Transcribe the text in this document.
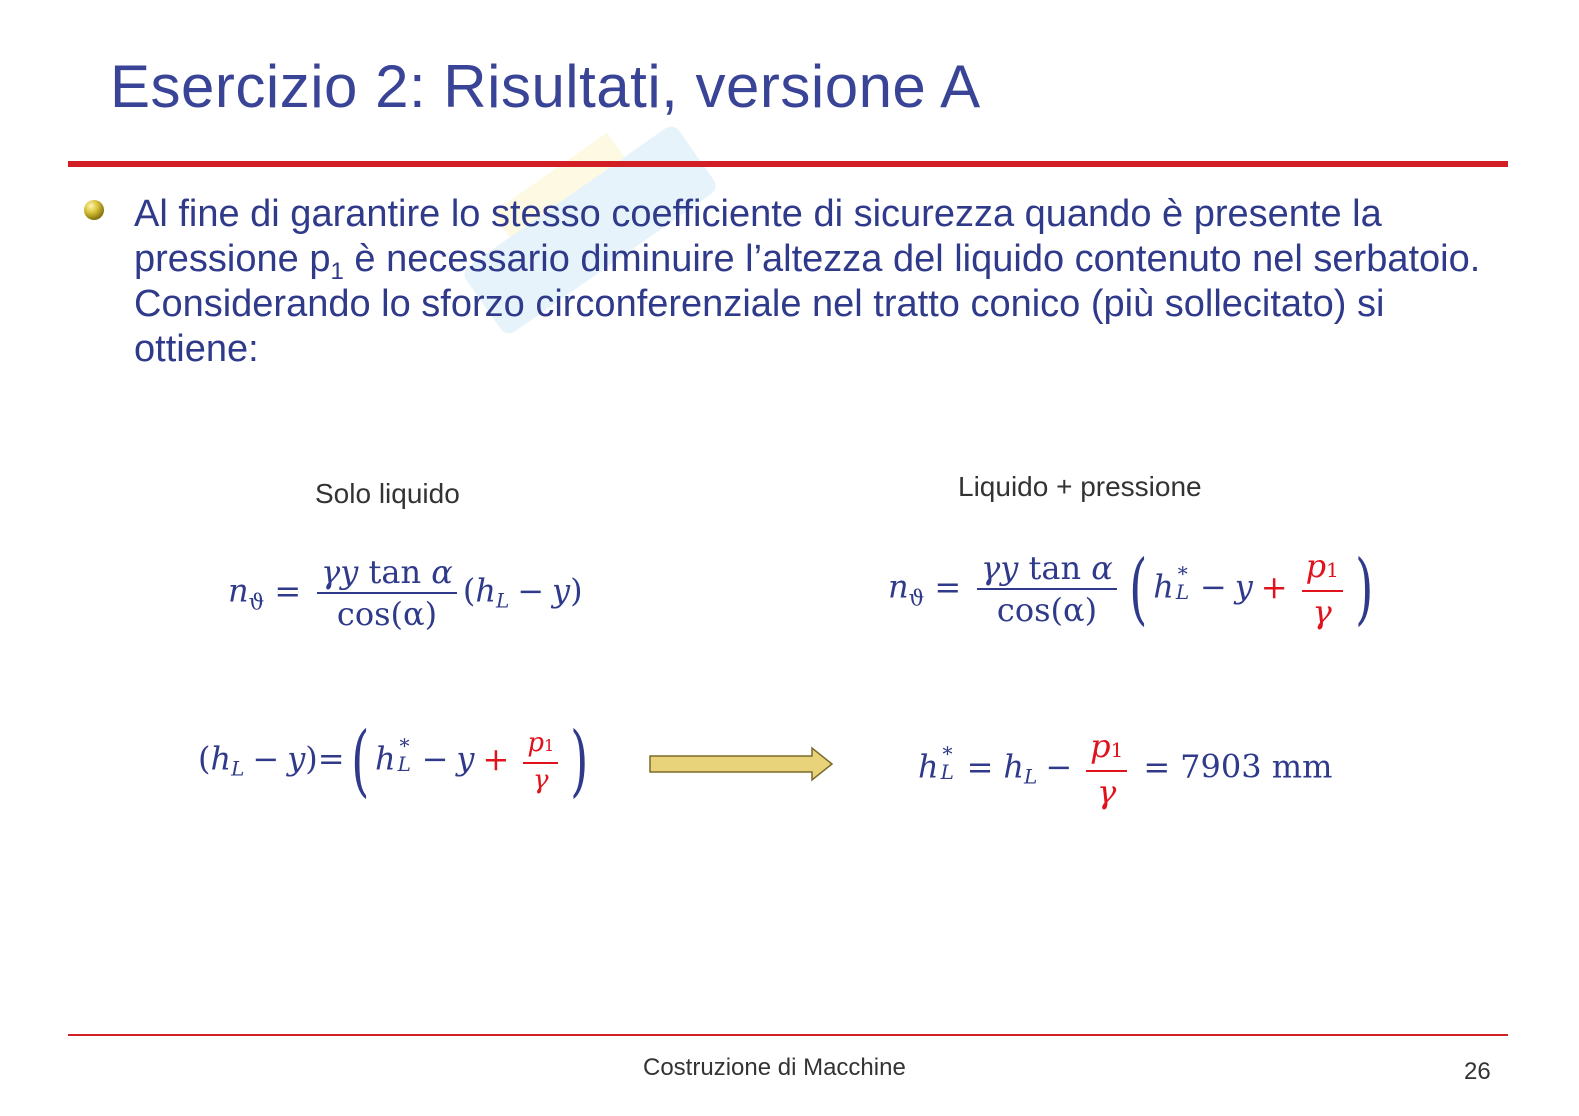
Esercizio 2: Risultati, versione A
Al fine di garantire lo stesso coefficiente di sicurezza quando è presente la pressione $p_1$ è necessario diminuire l’altezza del liquido contenuto nel serbatoio. Considerando lo sforzo circonferenziale nel tratto conico (più sollecitato) si ottiene:
Solo liquido	Liquido + pressione
$n_ϑ = \frac{\text{γy tan α}}{\cos(\alpha)} (hL - y)$	$n_ϑ = \frac{\text{γy tan α}}{\cos(\alpha)}$ ( h ∗
$L - y + \frac{p1}{\gamma}$ )
(hL − y)=( h ∗
$L - y + \frac{p1}{\gamma}$ )	h ∗
L = hL − $\frac{p1}{\gamma} = 7903$ mm
Costruzione di Macchine	26
